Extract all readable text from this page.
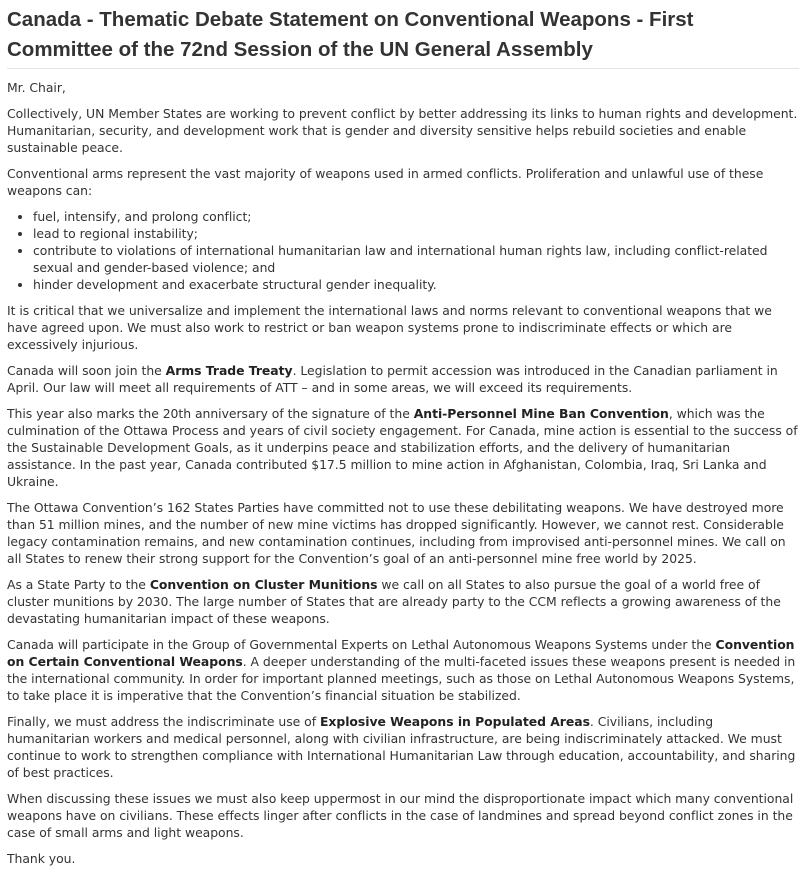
Canada - Thematic Debate Statement on Conventional Weapons - First Committee of the 72nd Session of the UN General Assembly

Mr. Chair,

Collectively, UN Member States are working to prevent conflict by better addressing its links to human rights and development. Humanitarian, security, and development work that is gender and diversity sensitive helps rebuild societies and enable sustainable peace.

Conventional arms represent the vast majority of weapons used in armed conflicts. Proliferation and unlawful use of these weapons can:

• fuel, intensify, and prolong conflict;
• lead to regional instability;
• contribute to violations of international humanitarian law and international human rights law, including conflict-related sexual and gender-based violence; and
• hinder development and exacerbate structural gender inequality.

It is critical that we universalize and implement the international laws and norms relevant to conventional weapons that we have agreed upon. We must also work to restrict or ban weapon systems prone to indiscriminate effects or which are excessively injurious.

Canada will soon join the Arms Trade Treaty. Legislation to permit accession was introduced in the Canadian parliament in April. Our law will meet all requirements of ATT – and in some areas, we will exceed its requirements.

This year also marks the 20th anniversary of the signature of the Anti-Personnel Mine Ban Convention, which was the culmination of the Ottawa Process and years of civil society engagement. For Canada, mine action is essential to the success of the Sustainable Development Goals, as it underpins peace and stabilization efforts, and the delivery of humanitarian assistance. In the past year, Canada contributed $17.5 million to mine action in Afghanistan, Colombia, Iraq, Sri Lanka and Ukraine.

The Ottawa Convention’s 162 States Parties have committed not to use these debilitating weapons. We have destroyed more than 51 million mines, and the number of new mine victims has dropped significantly. However, we cannot rest. Considerable legacy contamination remains, and new contamination continues, including from improvised anti-personnel mines. We call on all States to renew their strong support for the Convention’s goal of an anti-personnel mine free world by 2025.

As a State Party to the Convention on Cluster Munitions we call on all States to also pursue the goal of a world free of cluster munitions by 2030. The large number of States that are already party to the CCM reflects a growing awareness of the devastating humanitarian impact of these weapons.

Canada will participate in the Group of Governmental Experts on Lethal Autonomous Weapons Systems under the Convention on Certain Conventional Weapons. A deeper understanding of the multi-faceted issues these weapons present is needed in the international community. In order for important planned meetings, such as those on Lethal Autonomous Weapons Systems, to take place it is imperative that the Convention’s financial situation be stabilized.

Finally, we must address the indiscriminate use of Explosive Weapons in Populated Areas. Civilians, including humanitarian workers and medical personnel, along with civilian infrastructure, are being indiscriminately attacked. We must continue to work to strengthen compliance with International Humanitarian Law through education, accountability, and sharing of best practices.

When discussing these issues we must also keep uppermost in our mind the disproportionate impact which many conventional weapons have on civilians. These effects linger after conflicts in the case of landmines and spread beyond conflict zones in the case of small arms and light weapons.

Thank you.
